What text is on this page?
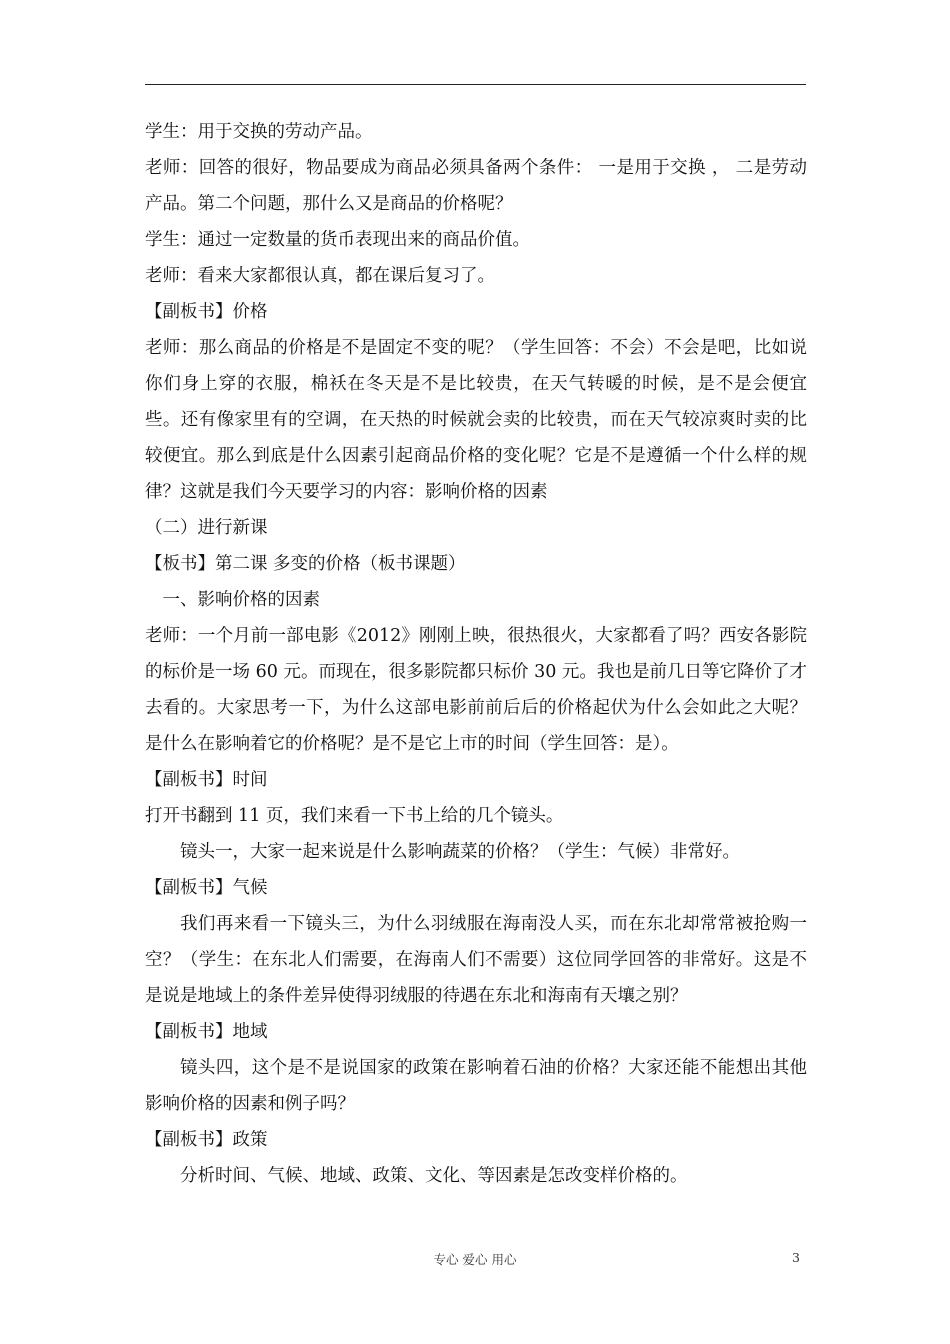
学生：用于交换的劳动产品。

老师：回答的很好，物品要成为商品必须具备两个条件： 一是用于交换 ， 二是劳动产品。第二个问题，那什么又是商品的价格呢？

学生：通过一定数量的货币表现出来的商品价值。

老师：看来大家都很认真，都在课后复习了。

【副板书】价格

老师：那么商品的价格是不是固定不变的呢？（学生回答：不会）不会是吧，比如说你们身上穿的衣服，棉袄在冬天是不是比较贵，在天气转暖的时候，是不是会便宜些。还有像家里有的空调，在天热的时候就会卖的比较贵，而在天气较凉爽时卖的比较便宜。那么到底是什么因素引起商品价格的变化呢？它是不是遵循一个什么样的规律？这就是我们今天要学习的内容：影响价格的因素

（二）进行新课

【板书】第二课 多变的价格（板书课题）

一、影响价格的因素

老师：一个月前一部电影《2012》刚刚上映，很热很火，大家都看了吗？西安各影院的标价是一场 60 元。而现在，很多影院都只标价 30 元。我也是前几日等它降价了才去看的。大家思考一下，为什么这部电影前前后后的价格起伏为什么会如此之大呢？是什么在影响着它的价格呢？是不是它上市的时间（学生回答：是）。

【副板书】时间

打开书翻到 11 页，我们来看一下书上给的几个镜头。

镜头一，大家一起来说是什么影响蔬菜的价格？（学生：气候）非常好。

【副板书】气候

我们再来看一下镜头三，为什么羽绒服在海南没人买，而在东北却常常被抢购一空？（学生：在东北人们需要，在海南人们不需要）这位同学回答的非常好。这是不是说是地域上的条件差异使得羽绒服的待遇在东北和海南有天壤之别？

【副板书】地域

镜头四，这个是不是说国家的政策在影响着石油的价格？大家还能不能想出其他影响价格的因素和例子吗？

【副板书】政策

分析时间、气候、地域、政策、文化、等因素是怎改变样价格的。

专心 爱心 用心	3
